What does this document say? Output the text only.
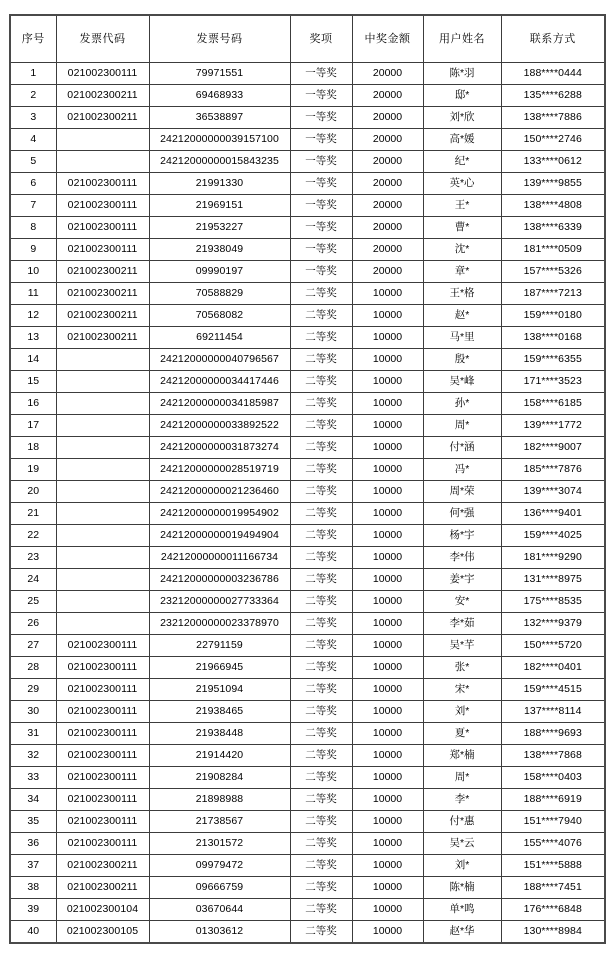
序号	发票代码	发票号码	奖项	中奖金额	用户姓名	联系方式
1	021002300111	79971551	一等奖	20000	陈*羽	188****0444
2	021002300211	69468933	一等奖	20000	邸*	135****6288
3	021002300211	36538897	一等奖	20000	刘*欣	138****7886
4		24212000000039157100	一等奖	20000	高*媛	150****2746
5		24212000000015843235	一等奖	20000	纪*	133****0612
6	021002300111	21991330	一等奖	20000	英*心	139****9855
7	021002300111	21969151	一等奖	20000	王*	138****4808
8	021002300111	21953227	一等奖	20000	曹*	138****6339
9	021002300111	21938049	一等奖	20000	沈*	181****0509
10	021002300211	09990197	一等奖	20000	章*	157****5326
11	021002300211	70588829	二等奖	10000	王*格	187****7213
12	021002300211	70568082	二等奖	10000	赵*	159****0180
13	021002300211	69211454	二等奖	10000	马*里	138****0168
14		24212000000040796567	二等奖	10000	殷*	159****6355
15		24212000000034417446	二等奖	10000	吴*峰	171****3523
16		24212000000034185987	二等奖	10000	孙*	158****6185
17		24212000000033892522	二等奖	10000	周*	139****1772
18		24212000000031873274	二等奖	10000	付*涵	182****9007
19		24212000000028519719	二等奖	10000	冯*	185****7876
20		24212000000021236460	二等奖	10000	周*荣	139****3074
21		24212000000019954902	二等奖	10000	何*强	136****9401
22		24212000000019494904	二等奖	10000	杨*宇	159****4025
23		24212000000011166734	二等奖	10000	李*伟	181****9290
24		24212000000003236786	二等奖	10000	姜*宇	131****8975
25		23212000000027733364	二等奖	10000	安*	175****8535
26		23212000000023378970	二等奖	10000	李*茹	132****9379
27	021002300111	22791159	二等奖	10000	吴*芊	150****5720
28	021002300111	21966945	二等奖	10000	张*	182****0401
29	021002300111	21951094	二等奖	10000	宋*	159****4515
30	021002300111	21938465	二等奖	10000	刘*	137****8114
31	021002300111	21938448	二等奖	10000	夏*	188****9693
32	021002300111	21914420	二等奖	10000	郑*楠	138****7868
33	021002300111	21908284	二等奖	10000	周*	158****0403
34	021002300111	21898988	二等奖	10000	李*	188****6919
35	021002300111	21738567	二等奖	10000	付*惠	151****7940
36	021002300111	21301572	二等奖	10000	吴*云	155****4076
37	021002300211	09979472	二等奖	10000	刘*	151****5888
38	021002300211	09666759	二等奖	10000	陈*楠	188****7451
39	021002300104	03670644	二等奖	10000	单*鸣	176****6848
40	021002300105	01303612	二等奖	10000	赵*华	130****8984
